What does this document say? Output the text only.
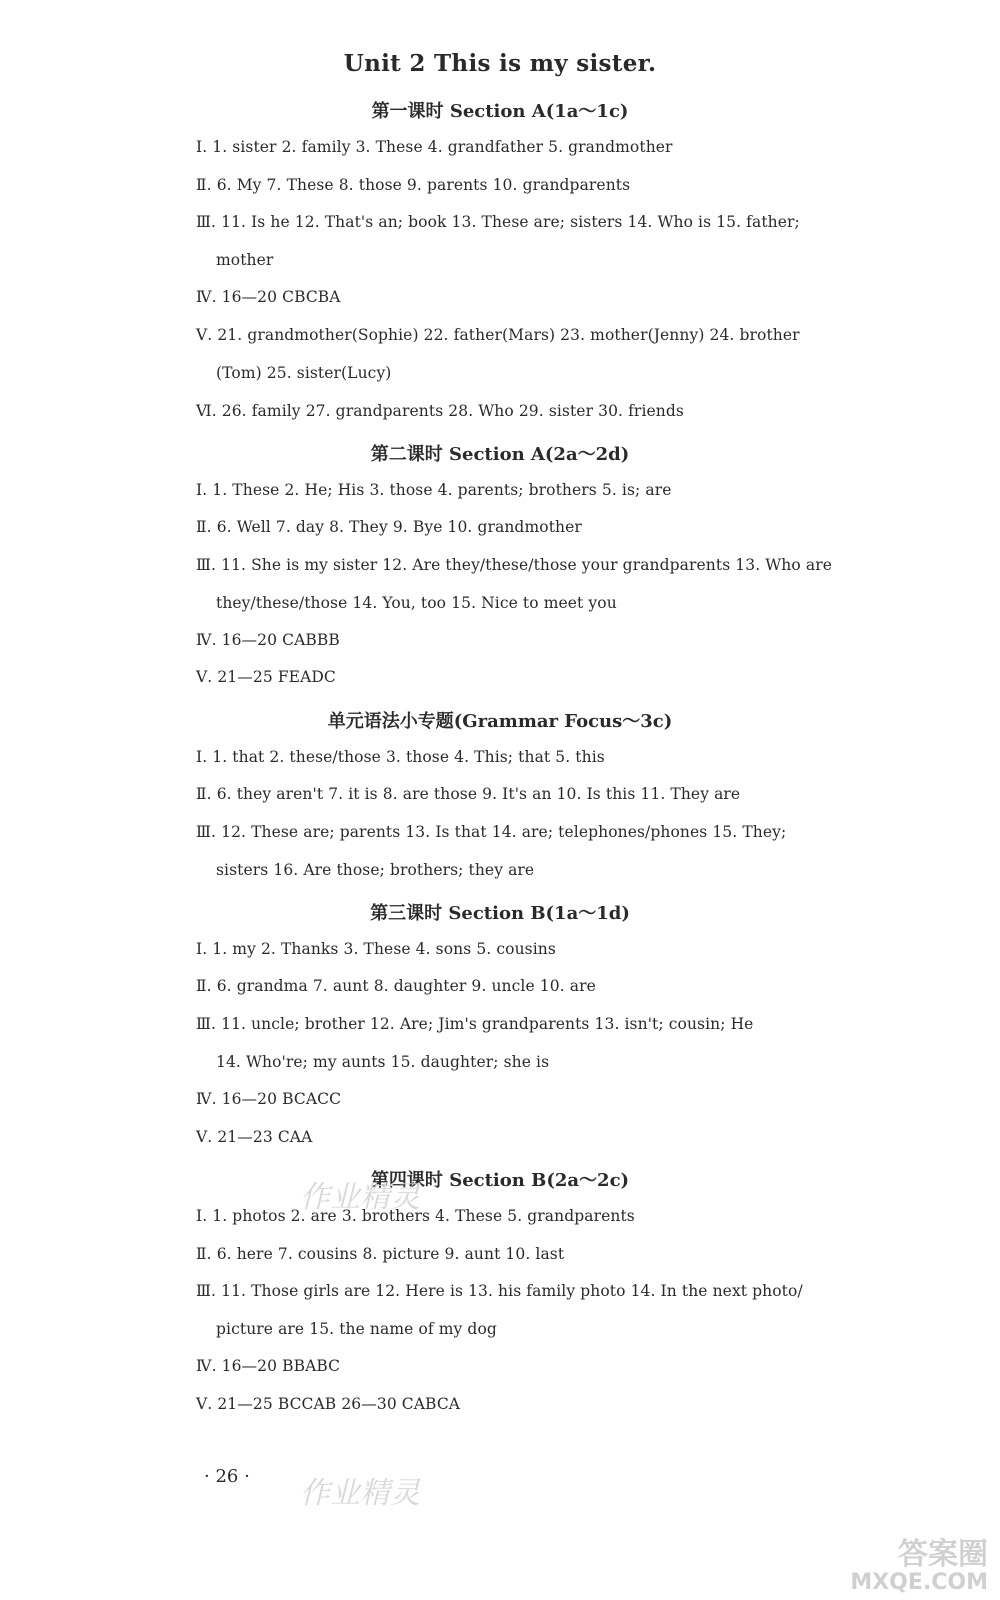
Unit 2 This is my sister.
第一课时 Section A(1a～1c)
Ⅰ. 1. sister 2. family 3. These 4. grandfather 5. grandmother
Ⅱ. 6. My 7. These 8. those 9. parents 10. grandparents
Ⅲ. 11. Is he 12. That's an; book 13. These are; sisters 14. Who is 15. father;
mother
Ⅳ. 16—20 CBCBA
Ⅴ. 21. grandmother(Sophie) 22. father(Mars) 23. mother(Jenny) 24. brother
(Tom) 25. sister(Lucy)
Ⅵ. 26. family 27. grandparents 28. Who 29. sister 30. friends
第二课时 Section A(2a～2d)
Ⅰ. 1. These 2. He; His 3. those 4. parents; brothers 5. is; are
Ⅱ. 6. Well 7. day 8. They 9. Bye 10. grandmother
Ⅲ. 11. She is my sister 12. Are they/these/those your grandparents 13. Who are
they/these/those 14. You, too 15. Nice to meet you
Ⅳ. 16—20 CABBB
Ⅴ. 21—25 FEADC
单元语法小专题(Grammar Focus～3c)
Ⅰ. 1. that 2. these/those 3. those 4. This; that 5. this
Ⅱ. 6. they aren't 7. it is 8. are those 9. It's an 10. Is this 11. They are
Ⅲ. 12. These are; parents 13. Is that 14. are; telephones/phones 15. They;
sisters 16. Are those; brothers; they are
第三课时 Section B(1a～1d)
Ⅰ. 1. my 2. Thanks 3. These 4. sons 5. cousins
Ⅱ. 6. grandma 7. aunt 8. daughter 9. uncle 10. are
Ⅲ. 11. uncle; brother 12. Are; Jim's grandparents 13. isn't; cousin; He
14. Who're; my aunts 15. daughter; she is
Ⅳ. 16—20 BCACC
Ⅴ. 21—23 CAA
第四课时 Section B(2a～2c)
Ⅰ. 1. photos 2. are 3. brothers 4. These 5. grandparents
Ⅱ. 6. here 7. cousins 8. picture 9. aunt 10. last
Ⅲ. 11. Those girls are 12. Here is 13. his family photo 14. In the next photo/
picture are 15. the name of my dog
Ⅳ. 16—20 BBABC
Ⅴ. 21—25 BCCAB 26—30 CABCA
· 26 ·
作业精灵
作业精灵
答案圈
MXQE.COM
